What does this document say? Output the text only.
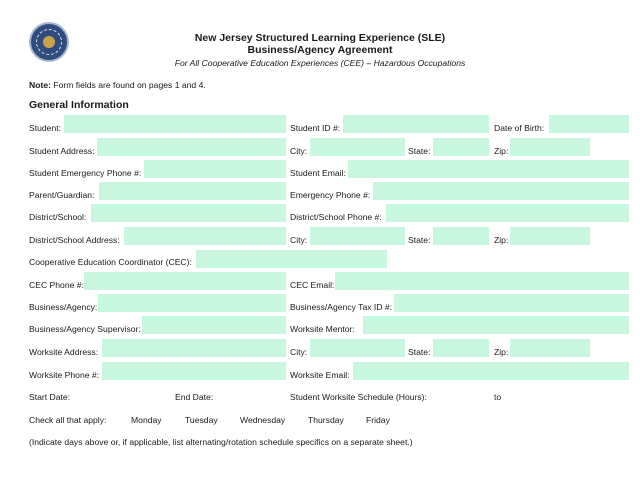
New Jersey Structured Learning Experience (SLE)
Business/Agency Agreement
For All Cooperative Education Experiences (CEE) – Hazardous Occupations
Note: Form fields are found on pages 1 and 4.
General Information
Student:	Student ID #:	Date of Birth:
Student Address:	City:	State:	Zip:
Student Emergency Phone #:	Student Email:
Parent/Guardian:	Emergency Phone #:
District/School:	District/School Phone #:
District/School Address:	City:	State:	Zip:
Cooperative Education Coordinator (CEC):
CEC Phone #:	CEC Email:
Business/Agency:	Business/Agency Tax ID #:
Business/Agency Supervisor:	Worksite Mentor:
Worksite Address:	City:	State:	Zip:
Worksite Phone #:	Worksite Email:
Start Date:	End Date:	Student Worksite Schedule (Hours):	to
Check all that apply:	Monday	Tuesday	Wednesday	Thursday	Friday
(Indicate days above or, if applicable, list alternating/rotation schedule specifics on a separate sheet.)
